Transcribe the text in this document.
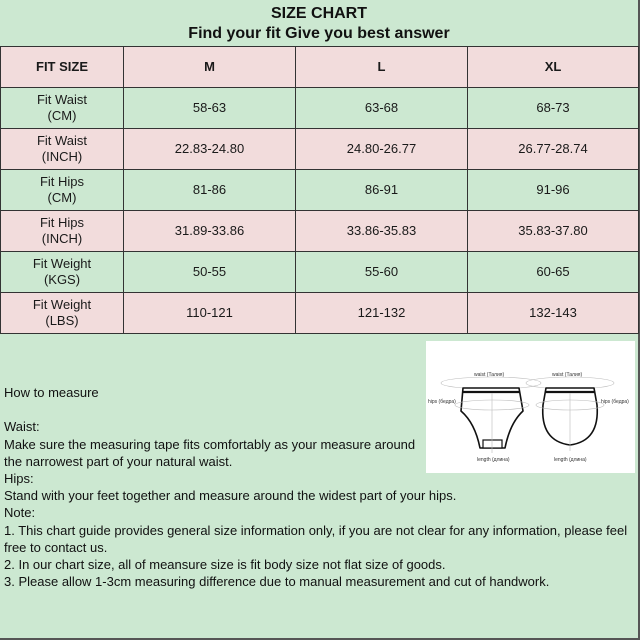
SIZE CHART
Find your fit Give you best answer
FIT SIZE	M	L	XL
Fit Waist
(CM)	58-63	63-68	68-73
Fit Waist
(INCH)	22.83-24.80	24.80-26.77	26.77-28.74
Fit Hips
(CM)	81-86	86-91	91-96
Fit Hips
(INCH)	31.89-33.86	33.86-35.83	35.83-37.80
Fit Weight
(KGS)	50-55	55-60	60-65
Fit Weight
(LBS)	110-121	121-132	132-143
waist (Талия)
hips (бедра)
length (длина)
waist (Талия)
hips (бедра)
length (длина)
How to measure
Waist:
Make sure the measuring tape fits comfortably as your measure around
the narrowest part of your natural waist.
Hips:
Stand with your feet together and measure around the widest part of your hips.
Note:
1. This chart guide provides general size information only, if you are not clear for any information, please feel
free to contact us.
2. In our chart size, all of meansure size is fit body size not flat size of goods.
3. Please allow 1-3cm measuring difference due to manual measurement and cut of handwork.
